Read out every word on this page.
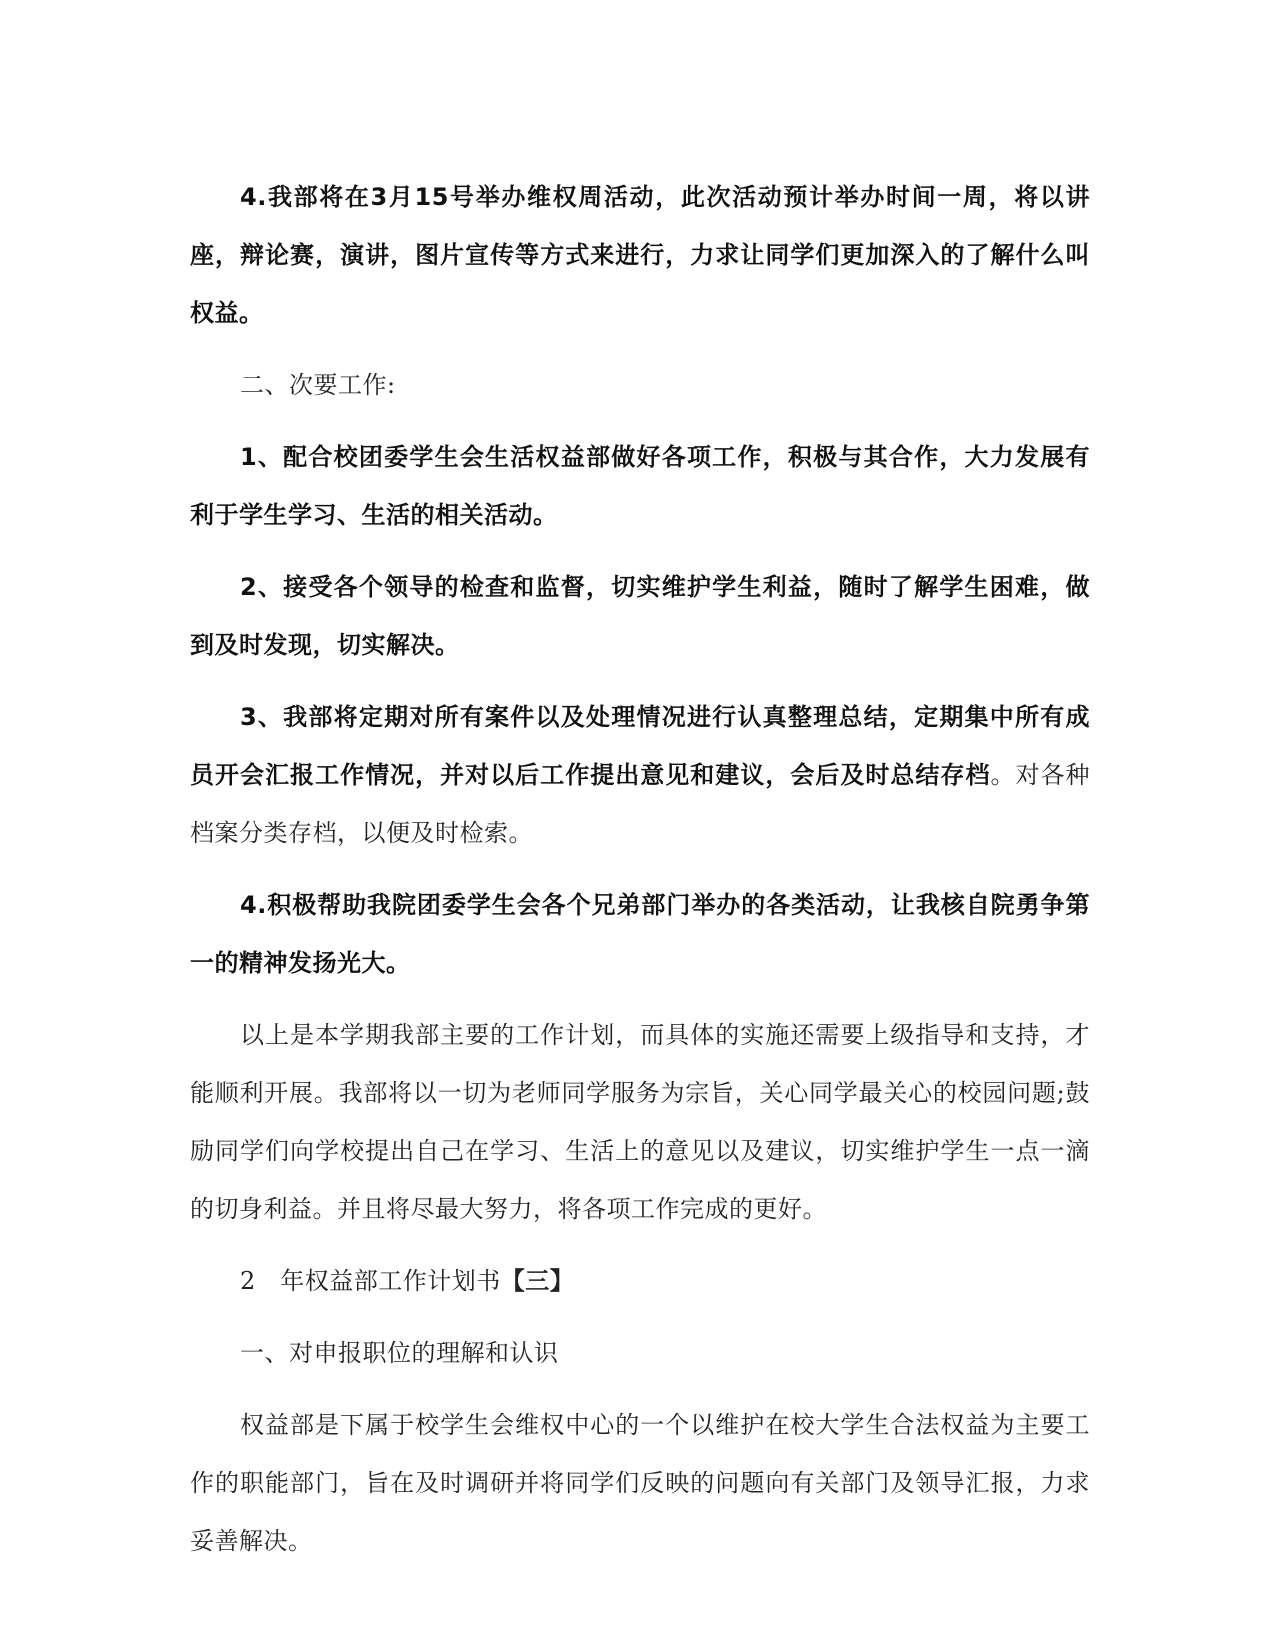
4.我部将在3月15号举办维权周活动，此次活动预计举办时间一周，将以讲座，辩论赛，演讲，图片宣传等方式来进行，力求让同学们更加深入的了解什么叫权益。

二、次要工作:

1、配合校团委学生会生活权益部做好各项工作，积极与其合作，大力发展有利于学生学习、生活的相关活动。

2、接受各个领导的检查和监督，切实维护学生利益，随时了解学生困难，做到及时发现，切实解决。

3、我部将定期对所有案件以及处理情况进行认真整理总结，定期集中所有成员开会汇报工作情况，并对以后工作提出意见和建议，会后及时总结存档。对各种档案分类存档，以便及时检索。

4.积极帮助我院团委学生会各个兄弟部门举办的各类活动，让我核自院勇争第一的精神发扬光大。

以上是本学期我部主要的工作计划，而具体的实施还需要上级指导和支持，才能顺利开展。我部将以一切为老师同学服务为宗旨，关心同学最关心的校园问题;鼓励同学们向学校提出自己在学习、生活上的意见以及建议，切实维护学生一点一滴的切身利益。并且将尽最大努力，将各项工作完成的更好。

2　年权益部工作计划书【三】

一、对申报职位的理解和认识

权益部是下属于校学生会维权中心的一个以维护在校大学生合法权益为主要工作的职能部门，旨在及时调研并将同学们反映的问题向有关部门及领导汇报，力求妥善解决。
